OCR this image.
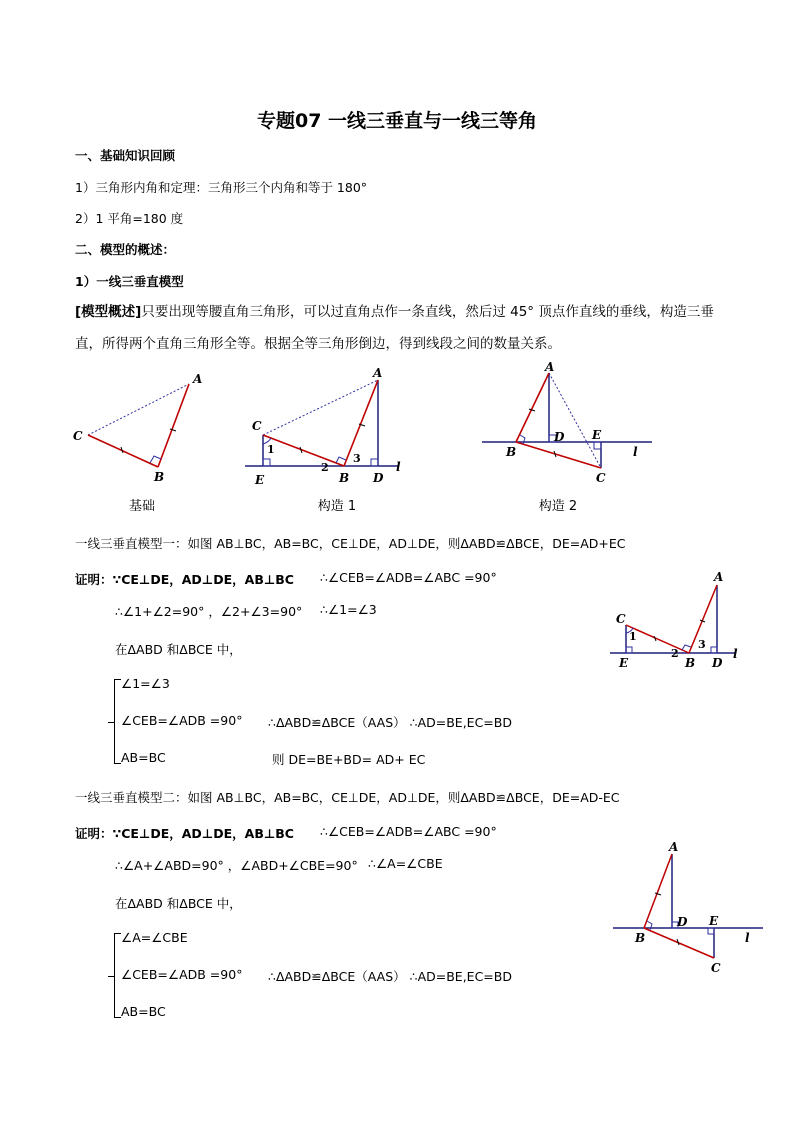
专题07 一线三垂直与一线三等角
一、基础知识回顾
1）三角形内角和定理：三角形三个内角和等于 180°
2）1 平角=180 度
二、模型的概述：
1）一线三垂直模型
[模型概述]只要出现等腰直角三角形，可以过直角点作一条直线，然后过 45° 顶点作直线的垂线，构造三垂
直，所得两个直角三角形全等。根据全等三角形倒边，得到线段之间的数量关系。
A
C
B
A
C
1
2
3
E	B D
l
A
D E
B
C
l
基础	构造 1	构造 2
一线三垂直模型一：如图 AB⊥BC，AB=BC，CE⊥DE，AD⊥DE，则ΔABD≌ΔBCE，DE=AD+EC
证明：∵CE⊥DE，AD⊥DE，AB⊥BC ∴∠CEB=∠ADB=∠ABC =90°
∴∠1+∠2=90° ，∠2+∠3=90° ∴∠1=∠3
在ΔABD 和ΔBCE 中，
∠1=∠3
∠CEB=∠ADB =90° ∴ΔABD≌ΔBCE（AAS） ∴AD=BE,EC=BD
AB=BC	则 DE=BE+BD= AD+ EC
A
C
1
2
3
E	B D
l
一线三垂直模型二：如图 AB⊥BC，AB=BC，CE⊥DE，AD⊥DE，则ΔABD≌ΔBCE，DE=AD-EC
证明：∵CE⊥DE，AD⊥DE，AB⊥BC ∴∠CEB=∠ADB=∠ABC =90°
∴∠A+∠ABD=90° ，∠ABD+∠CBE=90° ∴∠A=∠CBE
在ΔABD 和ΔBCE 中，
∠A=∠CBE
∠CEB=∠ADB =90° ∴ΔABD≌ΔBCE（AAS） ∴AD=BE,EC=BD
AB=BC
A
D E
B
C
l
